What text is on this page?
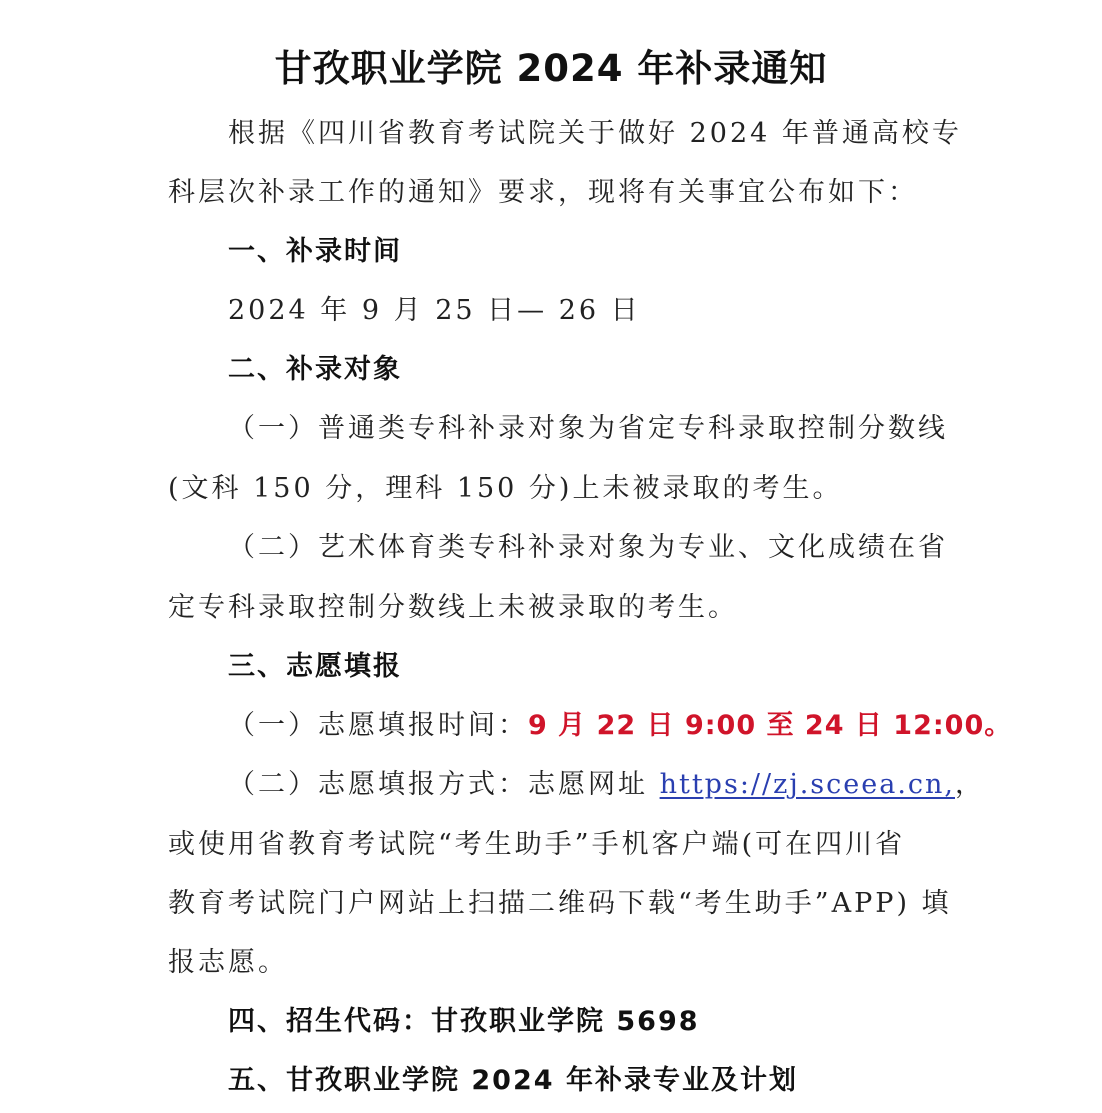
甘孜职业学院 2024 年补录通知
根据《四川省教育考试院关于做好 2024 年普通高校专
科层次补录工作的通知》要求，现将有关事宜公布如下：
一、补录时间
2024 年 9 月 25 日— 26 日
二、补录对象
（一）普通类专科补录对象为省定专科录取控制分数线
(文科 150 分，理科 150 分)上未被录取的考生。
（二）艺术体育类专科补录对象为专业、文化成绩在省
定专科录取控制分数线上未被录取的考生。
三、志愿填报
（一）志愿填报时间：9 月 22 日 9:00 至 24 日 12:00。
（二）志愿填报方式：志愿网址 https://zj.sceea.cn,，
或使用省教育考试院“考生助手”手机客户端(可在四川省
教育考试院门户网站上扫描二维码下载“考生助手”APP) 填
报志愿。
四、招生代码：甘孜职业学院 5698
五、甘孜职业学院 2024 年补录专业及计划
